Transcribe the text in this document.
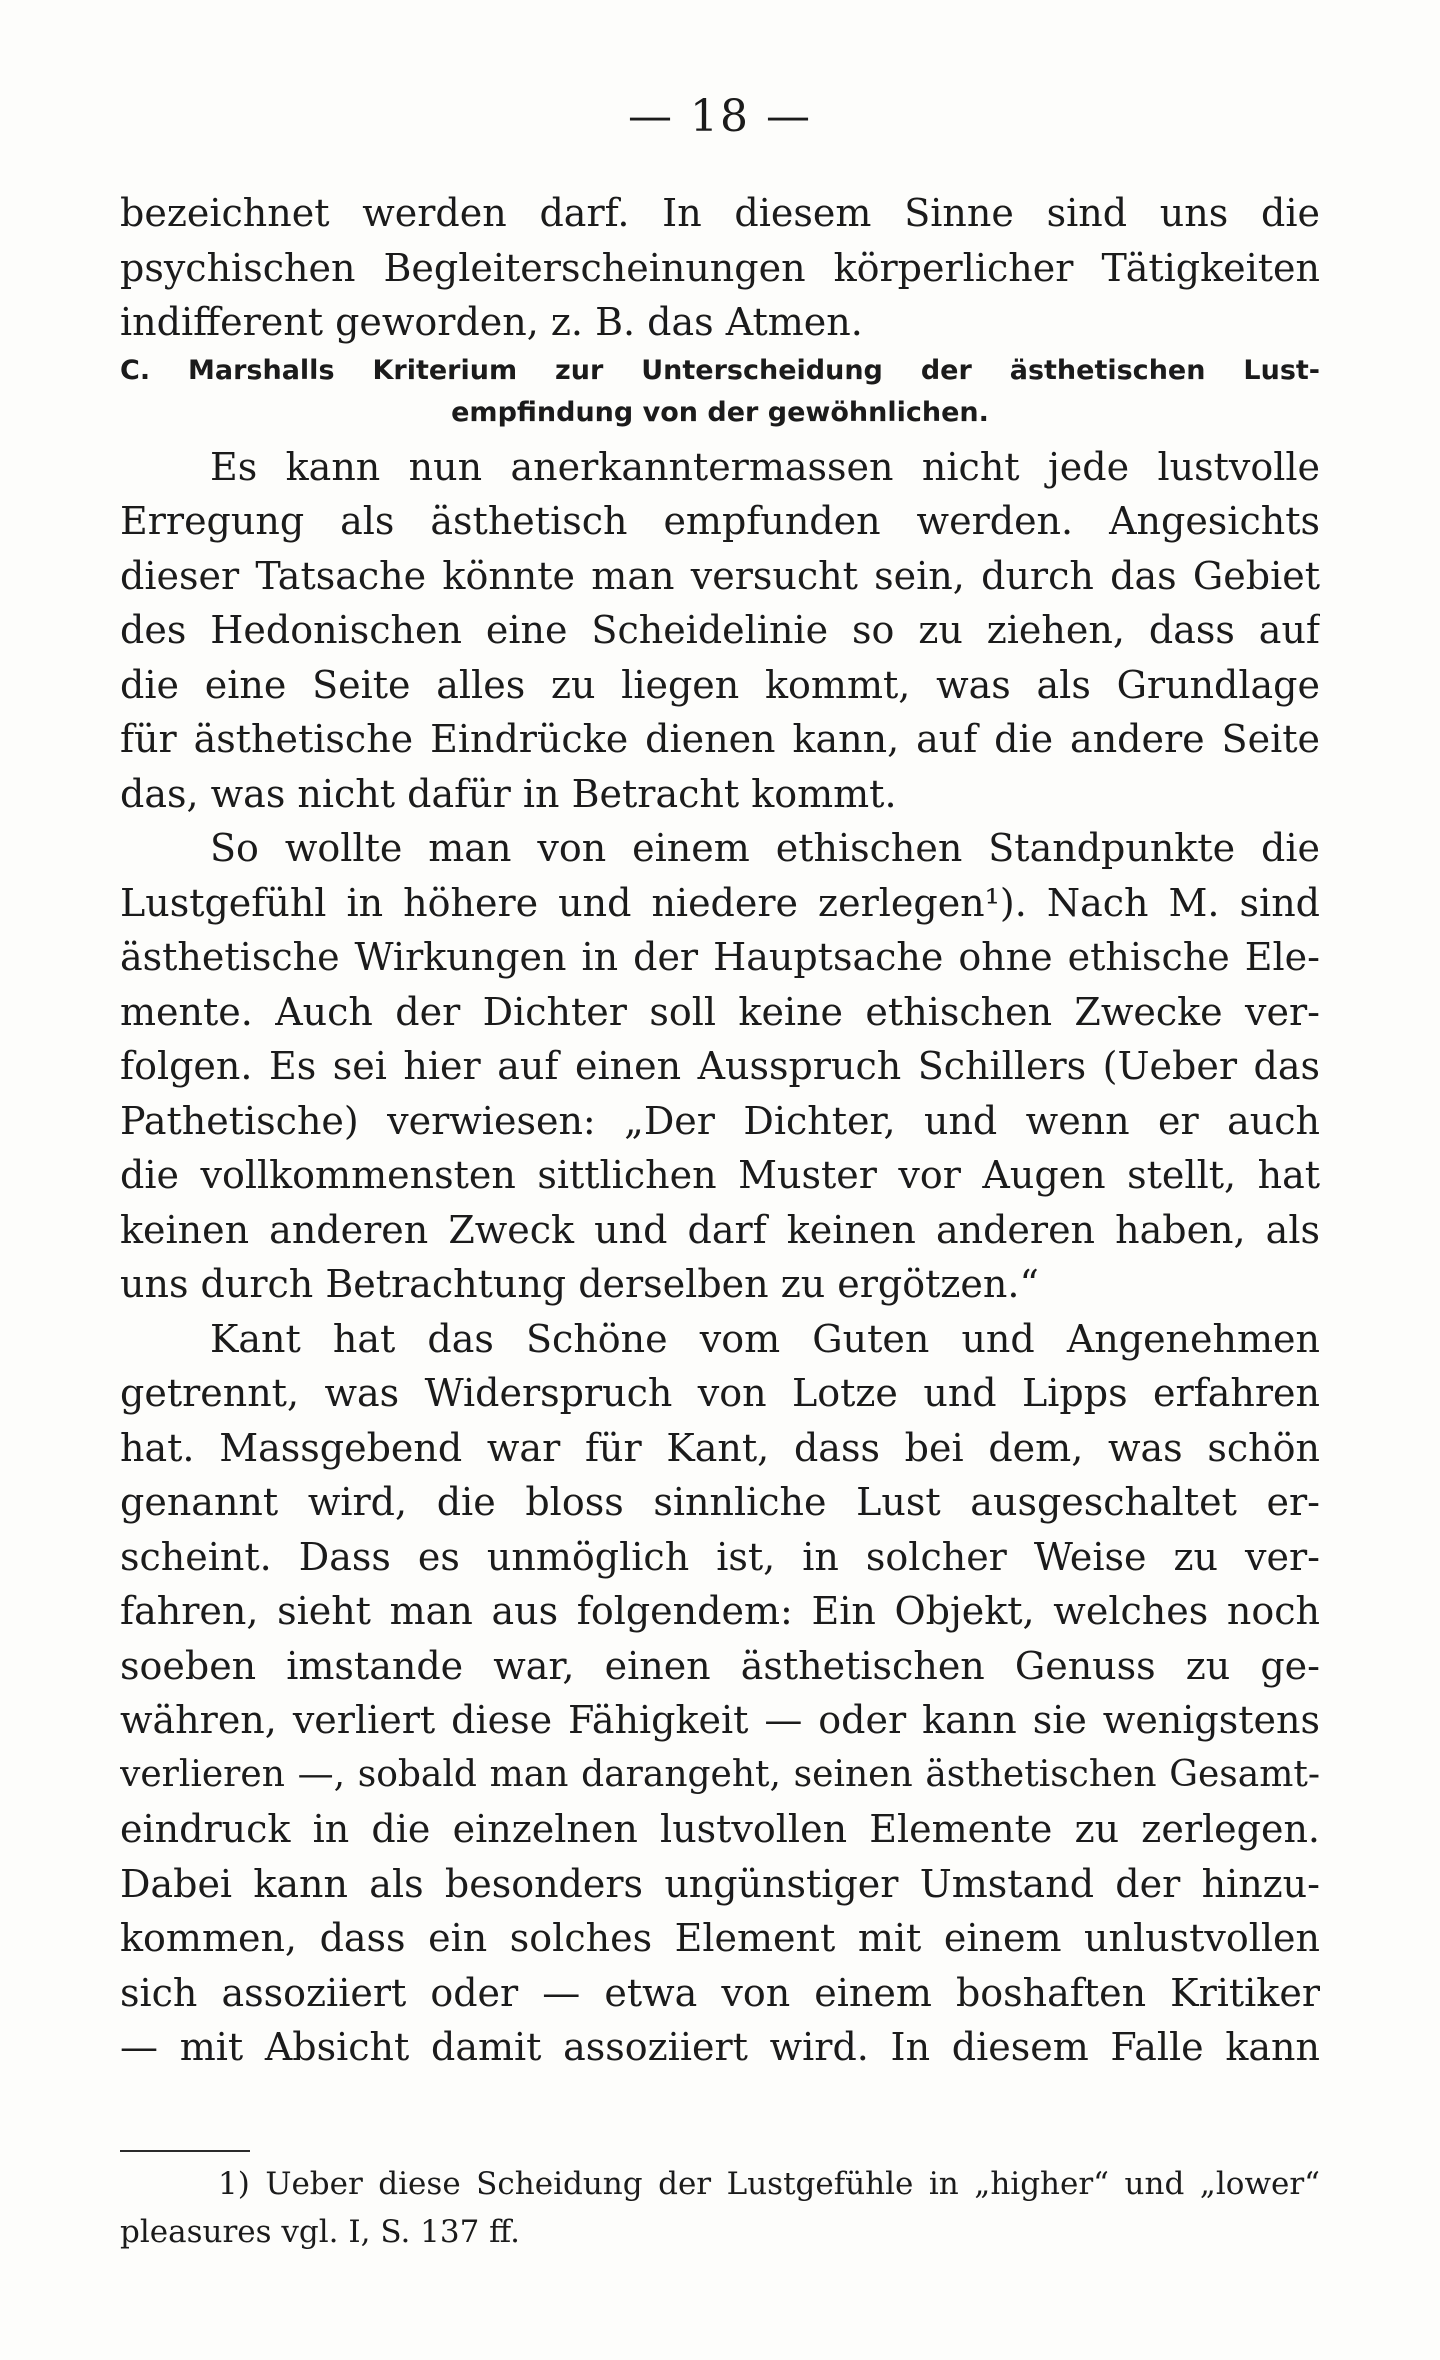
— 18 —
bezeichnet werden darf. In diesem Sinne sind uns die
psychischen Begleiterscheinungen körperlicher Tätigkeiten
indifferent geworden, z. B. das Atmen.
C. Marshalls Kriterium zur Unterscheidung der ästhetischen Lust-
empfindung von der gewöhnlichen.
Es kann nun anerkanntermassen nicht jede lustvolle
Erregung als ästhetisch empfunden werden. Angesichts
dieser Tatsache könnte man versucht sein, durch das Gebiet
des Hedonischen eine Scheidelinie so zu ziehen, dass auf
die eine Seite alles zu liegen kommt, was als Grundlage
für ästhetische Eindrücke dienen kann, auf die andere Seite
das, was nicht dafür in Betracht kommt.
So wollte man von einem ethischen Standpunkte die
Lustgefühl in höhere und niedere zerlegen¹). Nach M. sind
ästhetische Wirkungen in der Hauptsache ohne ethische Ele-
mente. Auch der Dichter soll keine ethischen Zwecke ver-
folgen. Es sei hier auf einen Ausspruch Schillers (Ueber das
Pathetische) verwiesen: „Der Dichter, und wenn er auch
die vollkommensten sittlichen Muster vor Augen stellt, hat
keinen anderen Zweck und darf keinen anderen haben, als
uns durch Betrachtung derselben zu ergötzen.“
Kant hat das Schöne vom Guten und Angenehmen
getrennt, was Widerspruch von Lotze und Lipps erfahren
hat. Massgebend war für Kant, dass bei dem, was schön
genannt wird, die bloss sinnliche Lust ausgeschaltet er-
scheint. Dass es unmöglich ist, in solcher Weise zu ver-
fahren, sieht man aus folgendem: Ein Objekt, welches noch
soeben imstande war, einen ästhetischen Genuss zu ge-
währen, verliert diese Fähigkeit — oder kann sie wenigstens
verlieren —, sobald man darangeht, seinen ästhetischen Gesamt-
eindruck in die einzelnen lustvollen Elemente zu zerlegen.
Dabei kann als besonders ungünstiger Umstand der hinzu-
kommen, dass ein solches Element mit einem unlustvollen
sich assoziiert oder — etwa von einem boshaften Kritiker
— mit Absicht damit assoziiert wird. In diesem Falle kann
1) Ueber diese Scheidung der Lustgefühle in „higher“ und „lower“
pleasures vgl. I, S. 137 ff.
